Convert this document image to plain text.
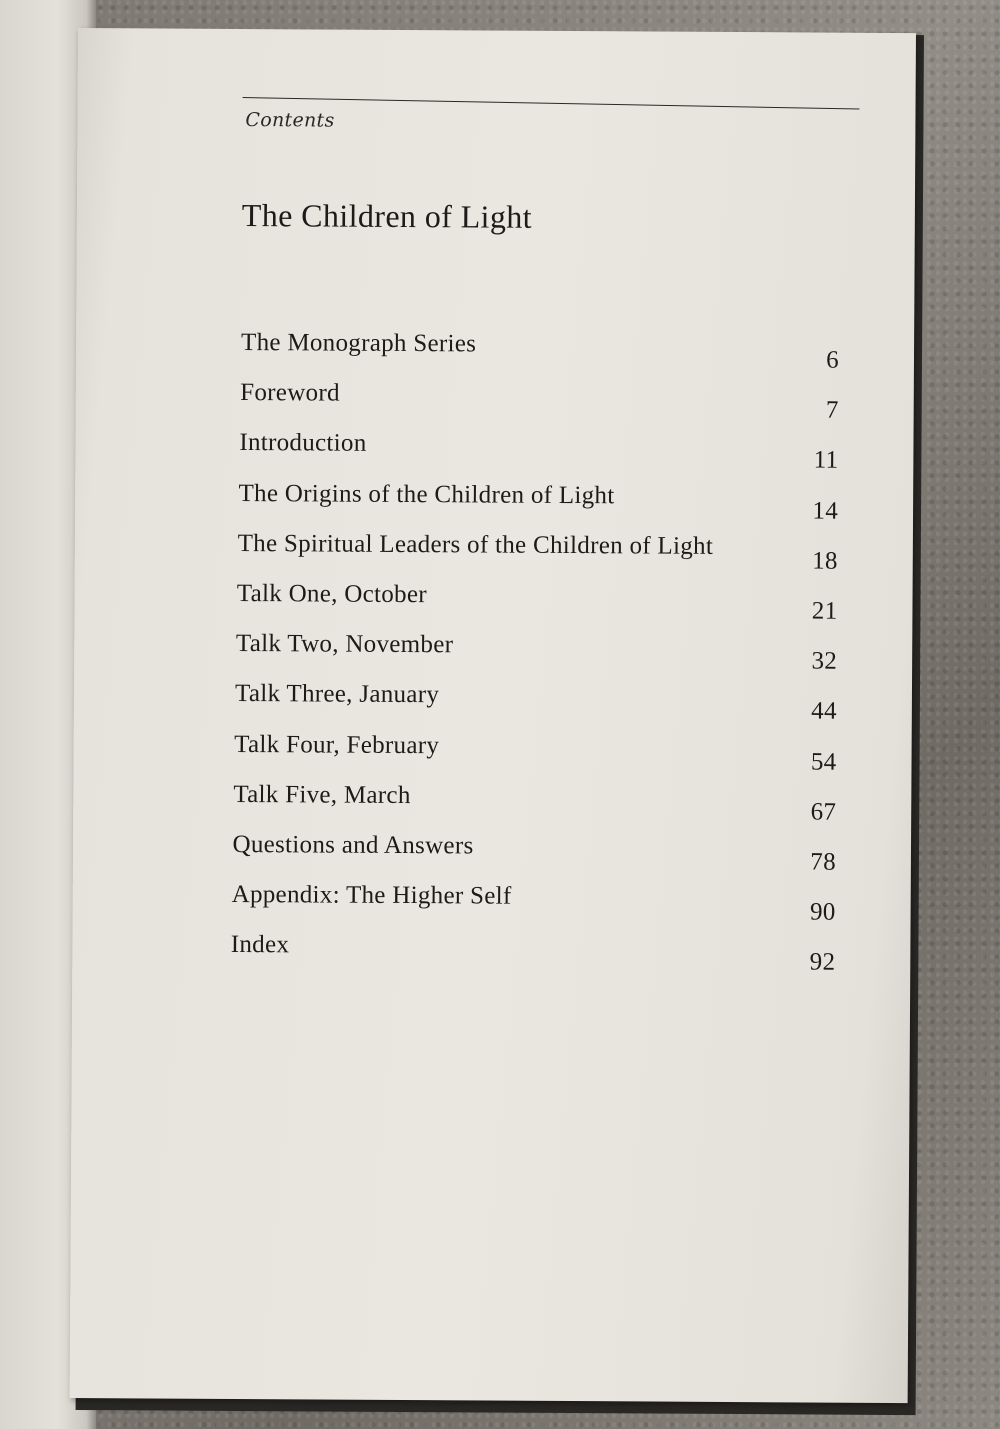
Contents
The Children of Light
The Monograph Series
6
Foreword
7
Introduction
11
The Origins of the Children of Light
14
The Spiritual Leaders of the Children of Light
18
Talk One, October
21
Talk Two, November
32
Talk Three, January
44
Talk Four, February
54
Talk Five, March
67
Questions and Answers
78
Appendix: The Higher Self
90
Index
92
